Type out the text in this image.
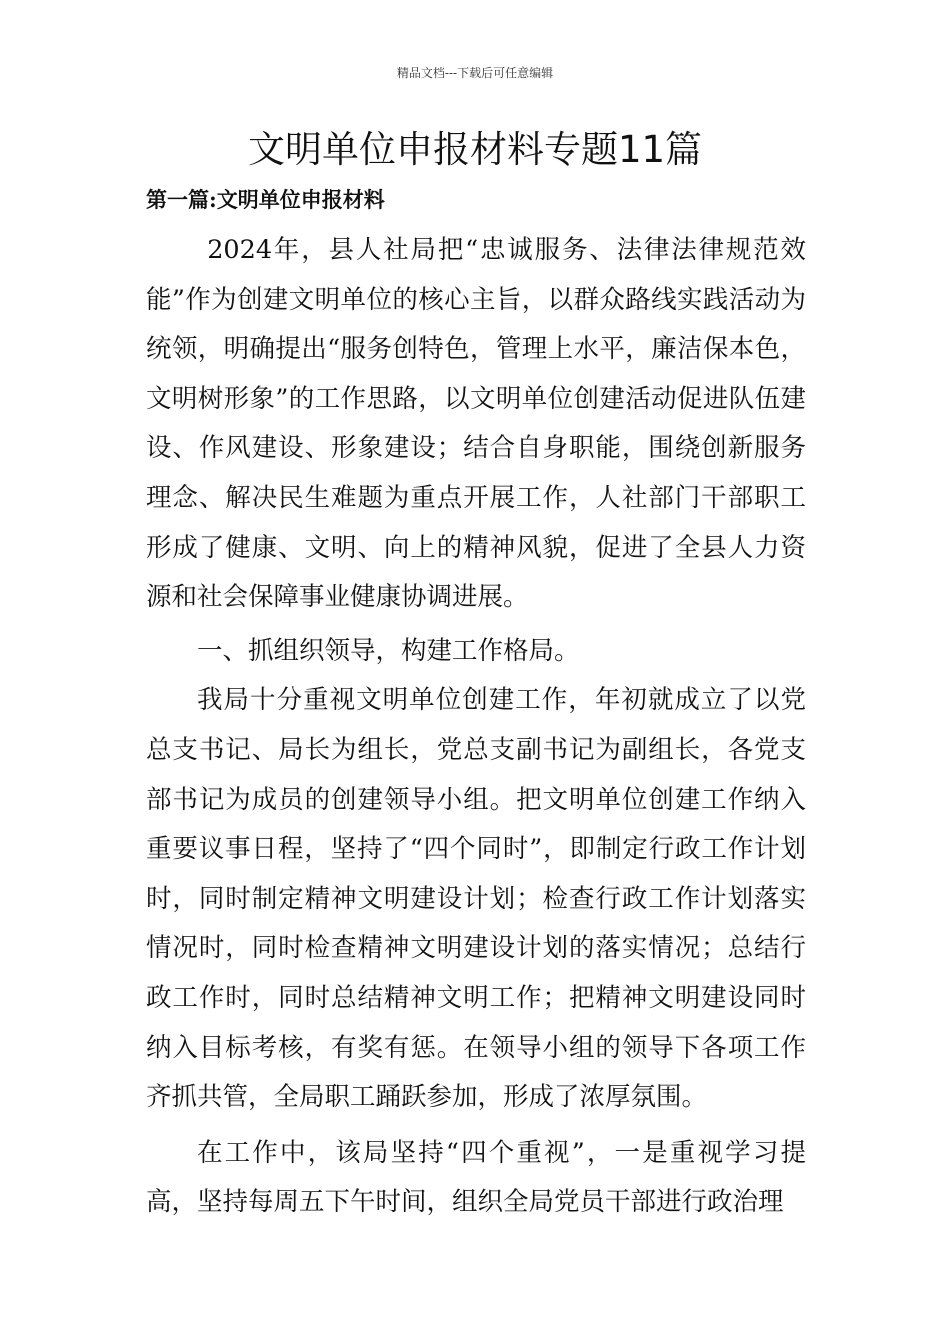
精品文档---下载后可任意编辑
文明单位申报材料专题11篇
第一篇:文明单位申报材料

2024年，县人社局把“忠诚服务、法律法律规范效能”作为创建文明单位的核心主旨，以群众路线实践活动为统领，明确提出“服务创特色，管理上水平，廉洁保本色，文明树形象”的工作思路，以文明单位创建活动促进队伍建设、作风建设、形象建设；结合自身职能，围绕创新服务理念、解决民生难题为重点开展工作，人社部门干部职工形成了健康、文明、向上的精神风貌，促进了全县人力资源和社会保障事业健康协调进展。

一、抓组织领导，构建工作格局。

我局十分重视文明单位创建工作，年初就成立了以党总支书记、局长为组长，党总支副书记为副组长，各党支部书记为成员的创建领导小组。把文明单位创建工作纳入重要议事日程，坚持了“四个同时”，即制定行政工作计划时，同时制定精神文明建设计划；检查行政工作计划落实情况时，同时检查精神文明建设计划的落实情况；总结行政工作时，同时总结精神文明工作；把精神文明建设同时纳入目标考核，有奖有惩。在领导小组的领导下各项工作齐抓共管，全局职工踊跃参加，形成了浓厚氛围。

在工作中，该局坚持“四个重视”，一是重视学习提高，坚持每周五下午时间，组织全局党员干部进行政治理
